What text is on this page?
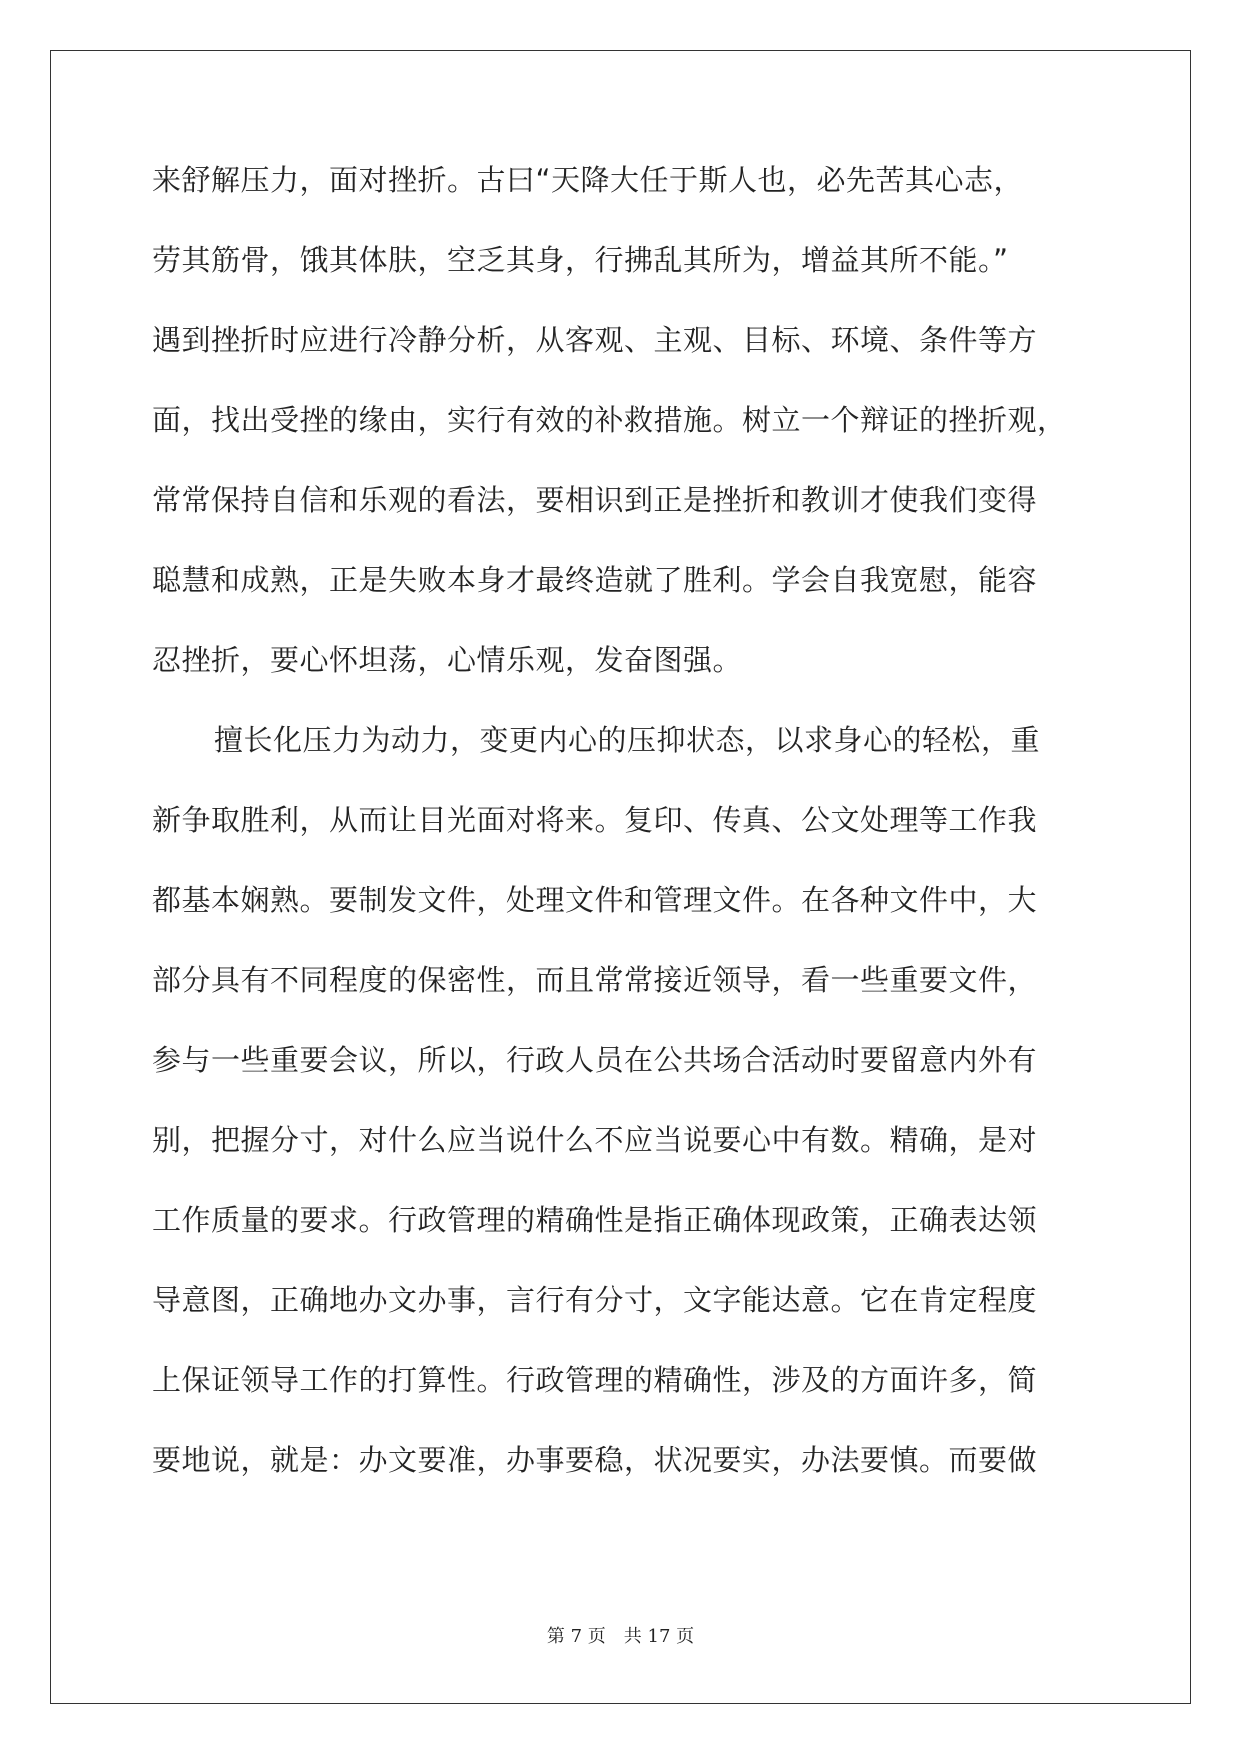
来舒解压力，面对挫折。古曰“天降大任于斯人也，必先苦其心志，
劳其筋骨，饿其体肤，空乏其身，行拂乱其所为，增益其所不能。”
遇到挫折时应进行冷静分析，从客观、主观、目标、环境、条件等方
面，找出受挫的缘由，实行有效的补救措施。树立一个辩证的挫折观，
常常保持自信和乐观的看法，要相识到正是挫折和教训才使我们变得
聪慧和成熟，正是失败本身才最终造就了胜利。学会自我宽慰，能容
忍挫折，要心怀坦荡，心情乐观，发奋图强。
擅长化压力为动力，变更内心的压抑状态，以求身心的轻松，重
新争取胜利，从而让目光面对将来。复印、传真、公文处理等工作我
都基本娴熟。要制发文件，处理文件和管理文件。在各种文件中，大
部分具有不同程度的保密性，而且常常接近领导，看一些重要文件，
参与一些重要会议，所以，行政人员在公共场合活动时要留意内外有
别，把握分寸，对什么应当说什么不应当说要心中有数。精确，是对
工作质量的要求。行政管理的精确性是指正确体现政策，正确表达领
导意图，正确地办文办事，言行有分寸，文字能达意。它在肯定程度
上保证领导工作的打算性。行政管理的精确性，涉及的方面许多，简
要地说，就是：办文要准，办事要稳，状况要实，办法要慎。而要做
第 7 页　共 17 页
